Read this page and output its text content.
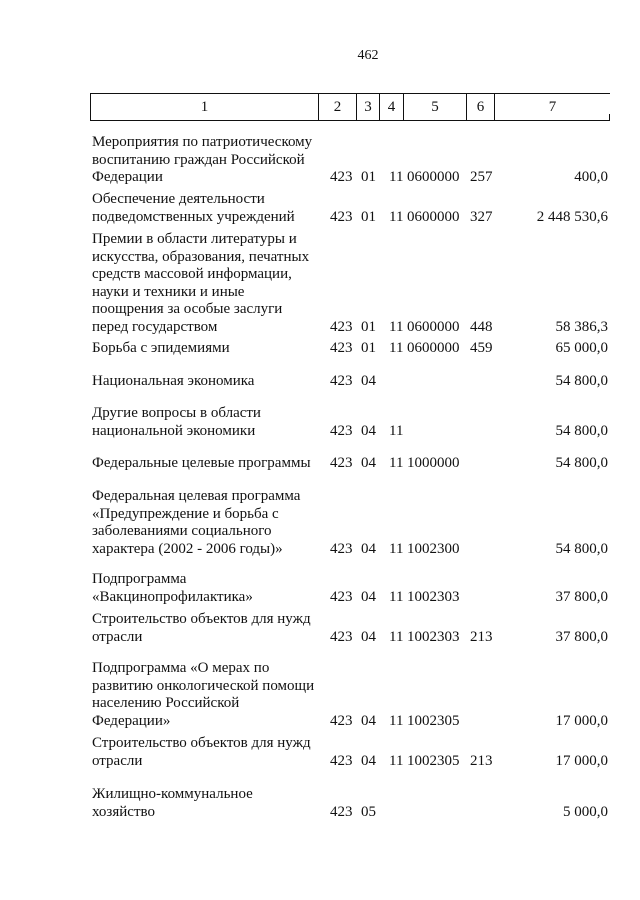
462
1	2	3	4	5	6	7
Мероприятия по патриотическому
воспитанию граждан Российской
Федерации	423 01 11 0600000 257	400,0
Обеспечение деятельности
подведомственных учреждений	423 01 11 0600000 327	2 448 530,6
Премии в области литературы и
искусства, образования, печатных
средств массовой информации,
науки и техники и иные
поощрения за особые заслуги
перед государством	423 01 11 0600000 448	58 386,3
Борьба с эпидемиями	423 01 11 0600000 459	65 000,0
Национальная экономика	423 04	54 800,0
Другие вопросы в области
национальной экономики	423 04 11	54 800,0
Федеральные целевые программы	423 04 11 1000000	54 800,0
Федеральная целевая программа
«Предупреждение и борьба с
заболеваниями социального
характера (2002 - 2006 годы)»	423 04 11 1002300	54 800,0
Подпрограмма
«Вакцинопрофилактика»	423 04 11 1002303	37 800,0
Строительство объектов для нужд
отрасли	423 04 11 1002303 213	37 800,0
Подпрограмма «О мерах по
развитию онкологической помощи
населению Российской
Федерации»	423 04 11 1002305	17 000,0
Строительство объектов для нужд
отрасли	423 04 11 1002305 213	17 000,0
Жилищно-коммунальное
хозяйство	423 05	5 000,0
